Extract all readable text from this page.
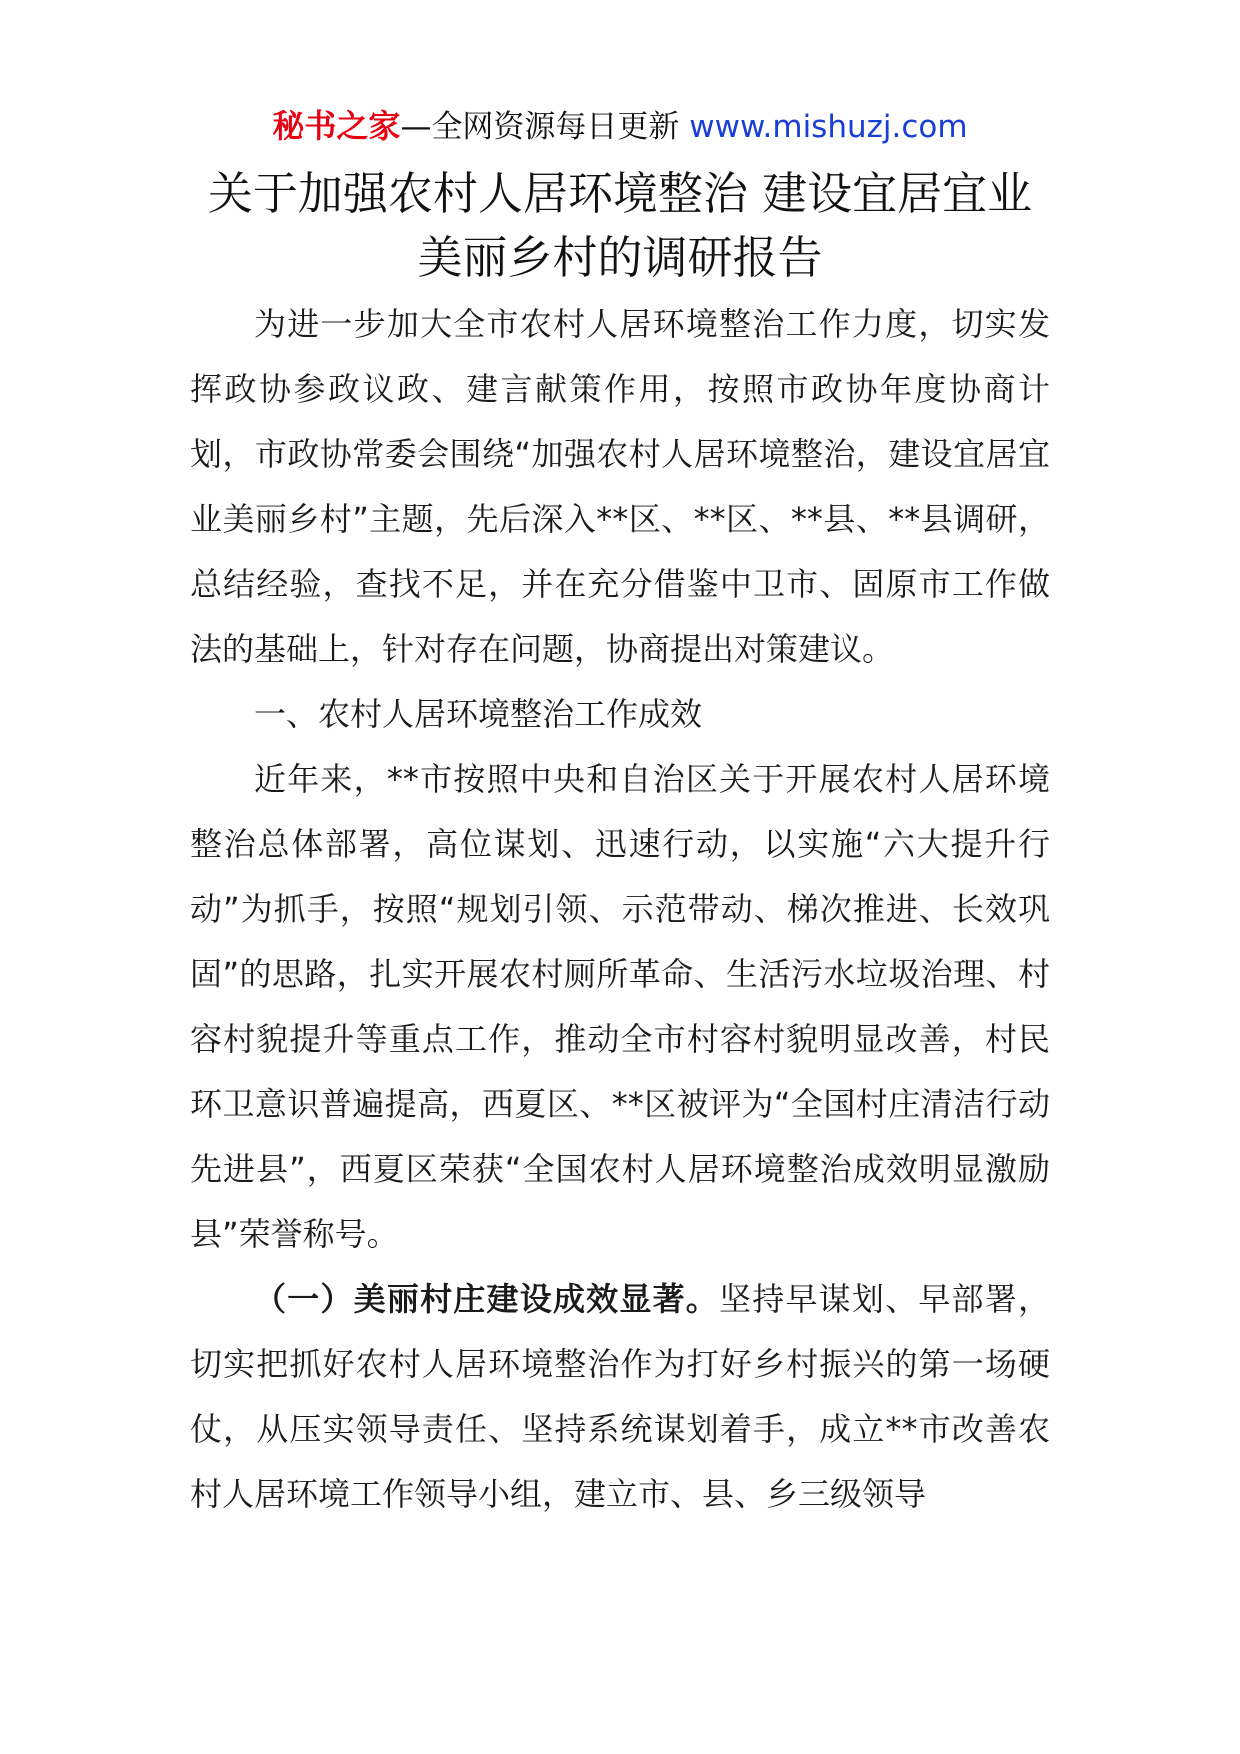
秘书之家—全网资源每日更新 www.mishuzj.com
关于加强农村人居环境整治 建设宜居宜业
美丽乡村的调研报告

为进一步加大全市农村人居环境整治工作力度，切实发挥政协参政议政、建言献策作用，按照市政协年度协商计划，市政协常委会围绕“加强农村人居环境整治，建设宜居宜业美丽乡村”主题，先后深入**区、**区、**县、**县调研，总结经验，查找不足，并在充分借鉴中卫市、固原市工作做法的基础上，针对存在问题，协商提出对策建议。

一、农村人居环境整治工作成效

近年来，**市按照中央和自治区关于开展农村人居环境整治总体部署，高位谋划、迅速行动，以实施“六大提升行动”为抓手，按照“规划引领、示范带动、梯次推进、长效巩固”的思路，扎实开展农村厕所革命、生活污水垃圾治理、村容村貌提升等重点工作，推动全市村容村貌明显改善，村民环卫意识普遍提高，西夏区、**区被评为“全国村庄清洁行动先进县”，西夏区荣获“全国农村人居环境整治成效明显激励县”荣誉称号。

（一）美丽村庄建设成效显著。坚持早谋划、早部署，切实把抓好农村人居环境整治作为打好乡村振兴的第一场硬仗，从压实领导责任、坚持系统谋划着手，成立**市改善农村人居环境工作领导小组，建立市、县、乡三级领导
